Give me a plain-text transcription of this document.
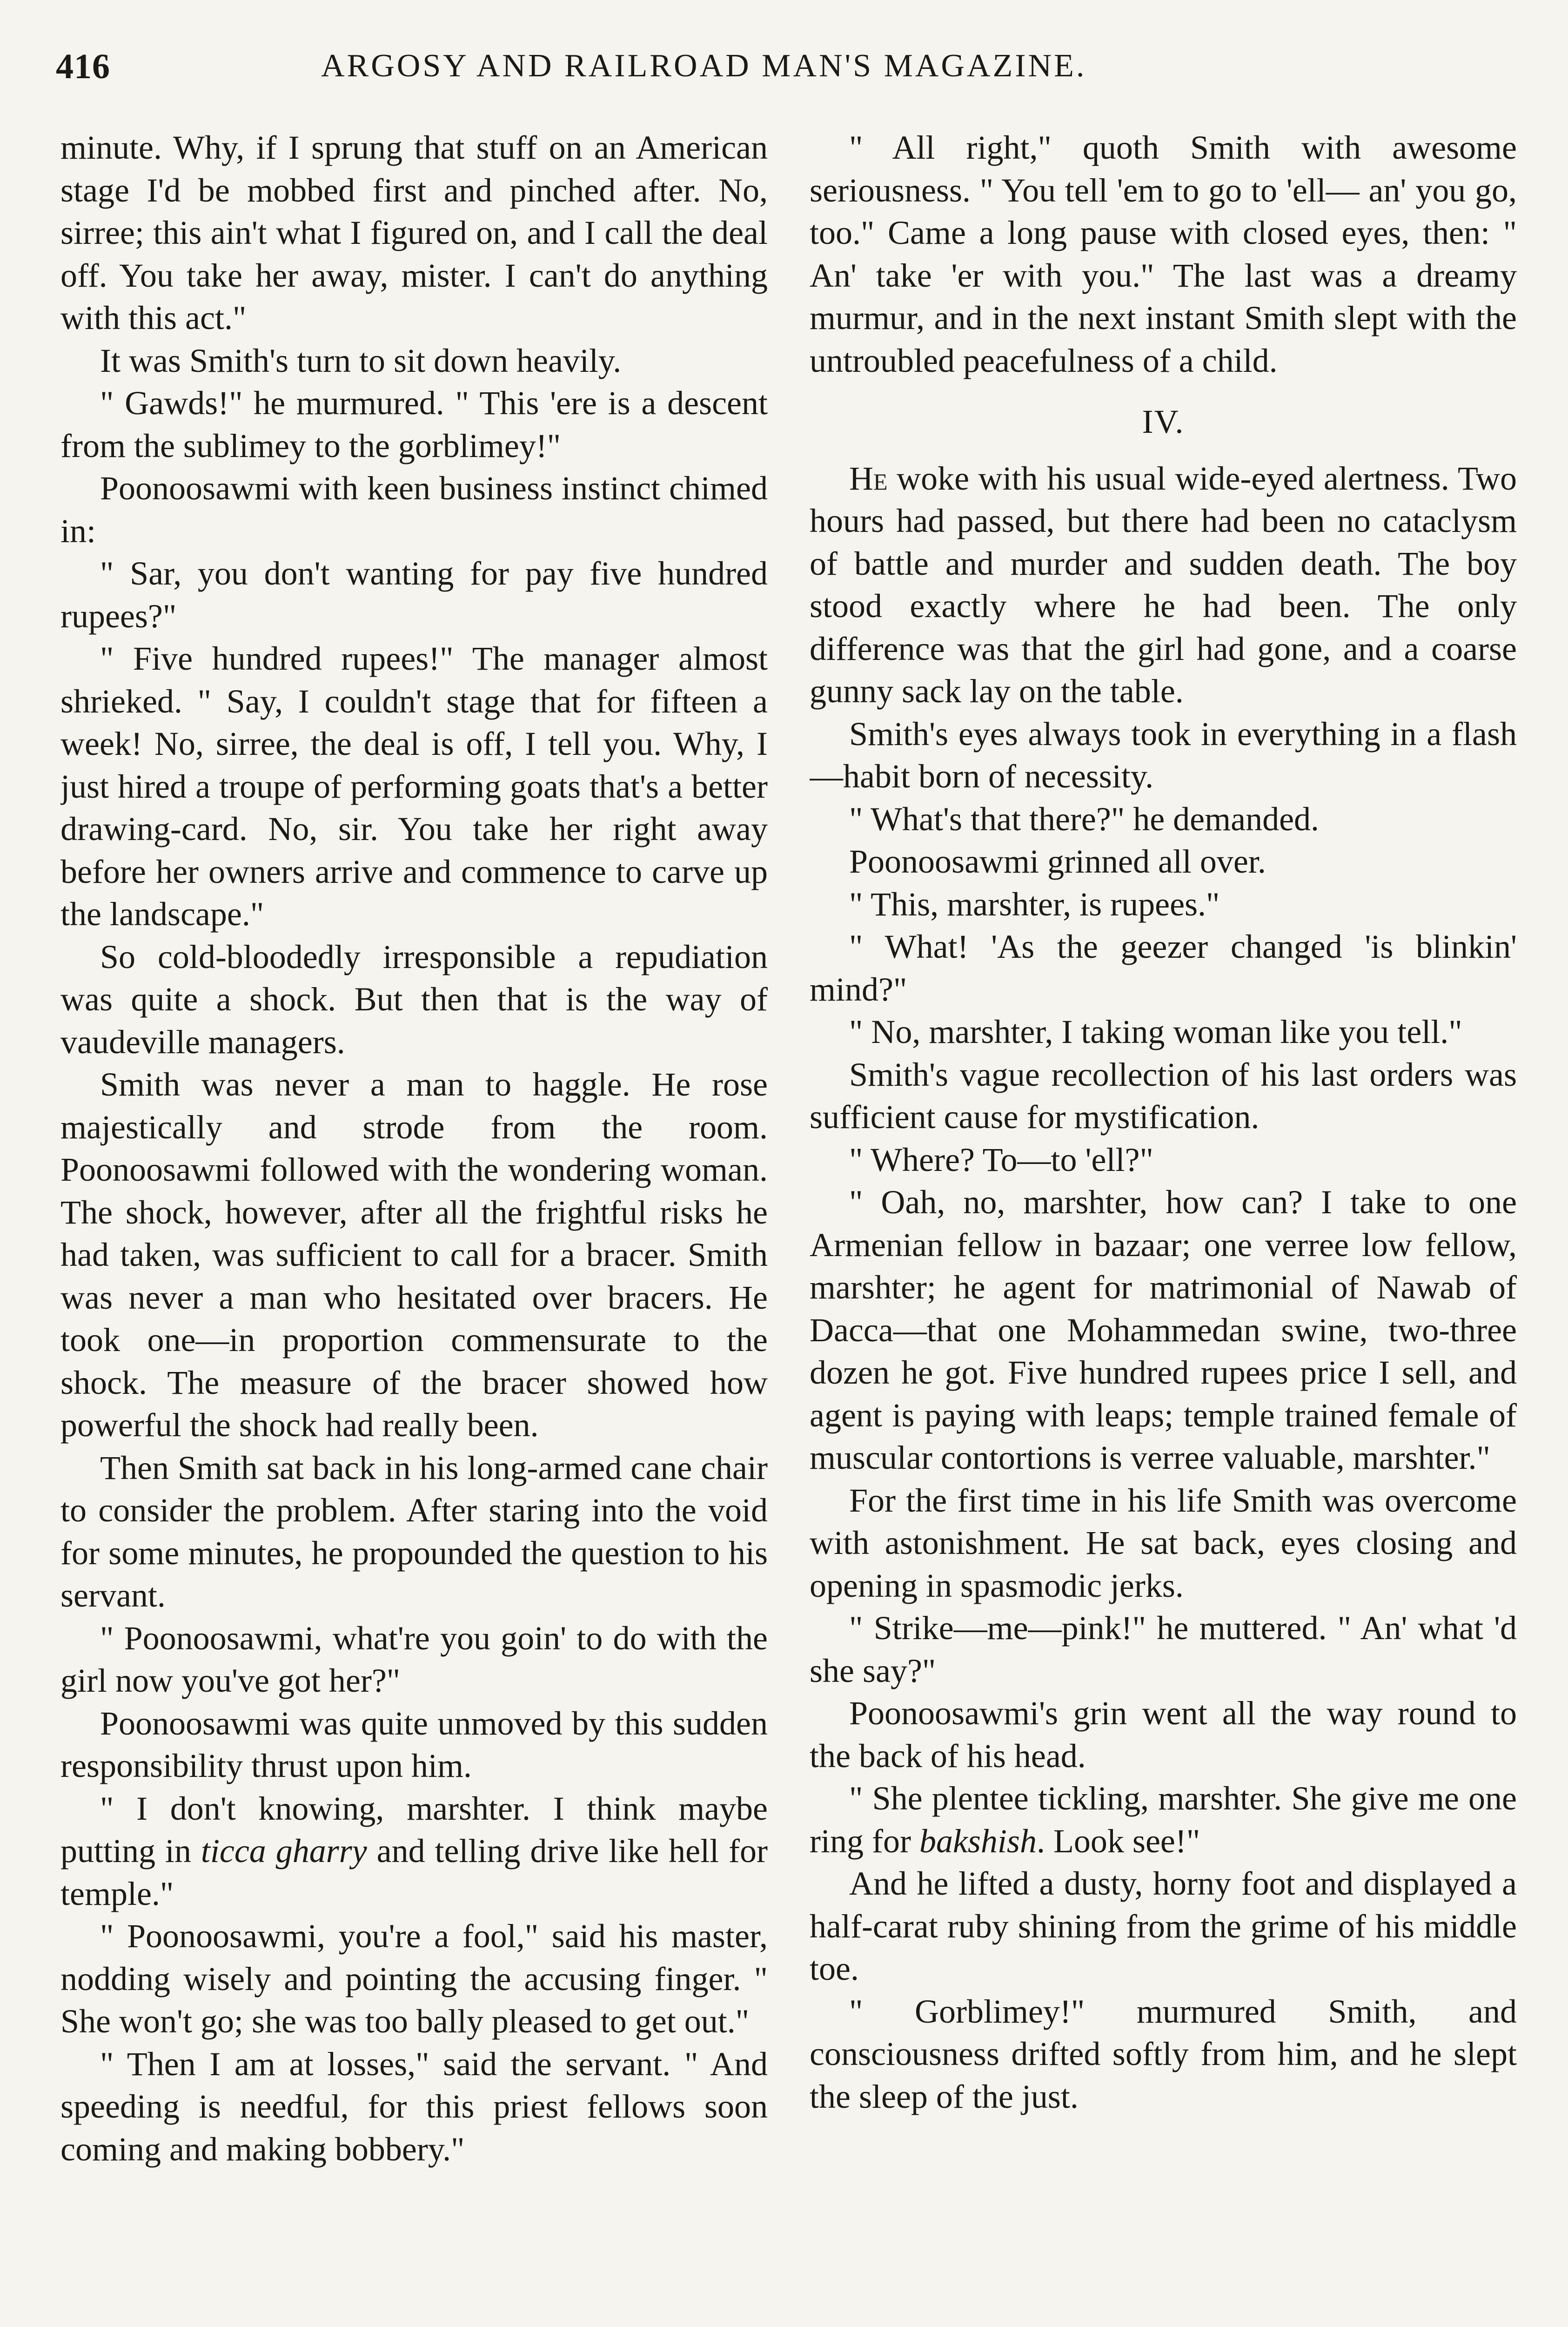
416	ARGOSY AND RAILROAD MAN'S MAGAZINE.

minute. Why, if I sprung that stuff on an American stage I'd be mobbed first and pinched after. No, sirree; this ain't what I figured on, and I call the deal off. You take her away, mister. I can't do anything with this act."

It was Smith's turn to sit down heavily.

" Gawds!" he murmured. " This 'ere is a descent from the sublimey to the gorblimey!"

Poonoosawmi with keen business instinct chimed in:

" Sar, you don't wanting for pay five hundred rupees?"

" Five hundred rupees!" The manager almost shrieked. " Say, I couldn't stage that for fifteen a week! No, sirree, the deal is off, I tell you. Why, I just hired a troupe of performing goats that's a better drawing-card. No, sir. You take her right away before her owners arrive and commence to carve up the landscape."

So cold-bloodedly irresponsible a repudiation was quite a shock. But then that is the way of vaudeville managers.

Smith was never a man to haggle. He rose majestically and strode from the room. Poonoosawmi followed with the wondering woman. The shock, however, after all the frightful risks he had taken, was sufficient to call for a bracer. Smith was never a man who hesitated over bracers. He took one—in proportion commensurate to the shock. The measure of the bracer showed how powerful the shock had really been.

Then Smith sat back in his long-armed cane chair to consider the problem. After staring into the void for some minutes, he propounded the question to his servant.

" Poonoosawmi, what're you goin' to do with the girl now you've got her?"

Poonoosawmi was quite unmoved by this sudden responsibility thrust upon him.

" I don't knowing, marshter. I think maybe putting in ticca gharry and telling drive like hell for temple."

" Poonoosawmi, you're a fool," said his master, nodding wisely and pointing the accusing finger. " She won't go; she was too bally pleased to get out."

" Then I am at losses," said the servant. " And speeding is needful, for this priest fellows soon coming and making bobbery."

" All right," quoth Smith with awesome seriousness. " You tell 'em to go to 'ell— an' you go, too." Came a long pause with closed eyes, then: " An' take 'er with you." The last was a dreamy murmur, and in the next instant Smith slept with the untroubled peacefulness of a child.

IV.

He woke with his usual wide-eyed alertness. Two hours had passed, but there had been no cataclysm of battle and murder and sudden death. The boy stood exactly where he had been. The only difference was that the girl had gone, and a coarse gunny sack lay on the table.

Smith's eyes always took in everything in a flash—habit born of necessity.

" What's that there?" he demanded.

Poonoosawmi grinned all over.

" This, marshter, is rupees."

" What! 'As the geezer changed 'is blinkin' mind?"

" No, marshter, I taking woman like you tell."

Smith's vague recollection of his last orders was sufficient cause for mystification.

" Where? To—to 'ell?"

" Oah, no, marshter, how can? I take to one Armenian fellow in bazaar; one verree low fellow, marshter; he agent for matrimonial of Nawab of Dacca—that one Mohammedan swine, two-three dozen he got. Five hundred rupees price I sell, and agent is paying with leaps; temple trained female of muscular contortions is verree valuable, marshter."

For the first time in his life Smith was overcome with astonishment. He sat back, eyes closing and opening in spasmodic jerks.

" Strike—me—pink!" he muttered. " An' what 'd she say?"

Poonoosawmi's grin went all the way round to the back of his head.

" She plentee tickling, marshter. She give me one ring for bakshish. Look see!"

And he lifted a dusty, horny foot and displayed a half-carat ruby shining from the grime of his middle toe.

" Gorblimey!" murmured Smith, and consciousness drifted softly from him, and he slept the sleep of the just.
